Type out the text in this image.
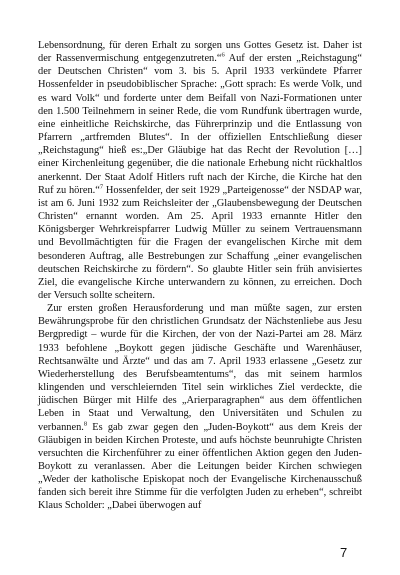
Lebensordnung, für deren Erhalt zu sorgen uns Gottes Gesetz ist. Daher ist der Rassenvermischung entgegenzutreten.“$^6$ Auf der ersten „Reichstagung“ der Deutschen Christen“ vom 3. bis 5. April 1933 verkündete Pfarrer Hossenfelder in pseudobiblischer Sprache: „Gott sprach: Es werde Volk, und es ward Volk“ und forderte unter dem Beifall von Nazi-Formationen unter den 1.500 Teilnehmern in seiner Rede, die vom Rundfunk übertragen wurde, eine einheitliche Reichskirche, das Führerprinzip und die Entlassung von Pfarrern „artfremden Blutes“. In der offiziellen Entschließung dieser „Reichstagung“ hieß es:„Der Gläubige hat das Recht der Revolution […] einer Kirchenleitung gegenüber, die die nationale Erhebung nicht rückhaltlos anerkennt. Der Staat Adolf Hitlers ruft nach der Kirche, die Kirche hat den Ruf zu hören.“$^7$ Hossenfelder, der seit 1929 „Parteigenosse“ der NSDAP war, ist am 6. Juni 1932 zum Reichsleiter der „Glaubensbewegung der Deutschen Christen“ ernannt worden. Am 25. April 1933 ernannte Hitler den Königsberger Wehrkreispfarrer Ludwig Müller zu seinem Vertrauensmann und Bevollmächtigten für die Fragen der evangelischen Kirche mit dem besonderen Auftrag, alle Bestrebungen zur Schaffung „einer evangelischen deutschen Reichskirche zu fördern“. So glaubte Hitler sein früh anvisiertes Ziel, die evangelische Kirche unterwandern zu können, zu erreichen. Doch der Versuch sollte scheitern.

Zur ersten großen Herausforderung und man müßte sagen, zur ersten Bewährungsprobe für den christlichen Grundsatz der Nächstenliebe aus Jesu Bergpredigt – wurde für die Kirchen, der von der Nazi-Partei am 28. März 1933 befohlene „Boykott gegen jüdische Geschäfte und Warenhäuser, Rechtsanwälte und Ärzte“ und das am 7. April 1933 erlassene „Gesetz zur Wiederherstellung des Berufsbeamtentums“, das mit seinem harmlos klingenden und verschleiernden Titel sein wirkliches Ziel verdeckte, die jüdischen Bürger mit Hilfe des „Arierparagraphen“ aus dem öffentlichen Leben in Staat und Verwaltung, den Universitäten und Schulen zu verbannen.$^8$ Es gab zwar gegen den „Juden-Boykott“ aus dem Kreis der Gläubigen in beiden Kirchen Proteste, und aufs höchste beunruhigte Christen versuchten die Kirchenführer zu einer öffentlichen Aktion gegen den Juden-Boykott zu veranlassen. Aber die Leitungen beider Kirchen schwiegen „Weder der katholische Episkopat noch der Evangelische Kirchenausschuß fanden sich bereit ihre Stimme für die verfolgten Juden zu erheben“, schreibt Klaus Scholder: „Dabei überwogen auf

7
